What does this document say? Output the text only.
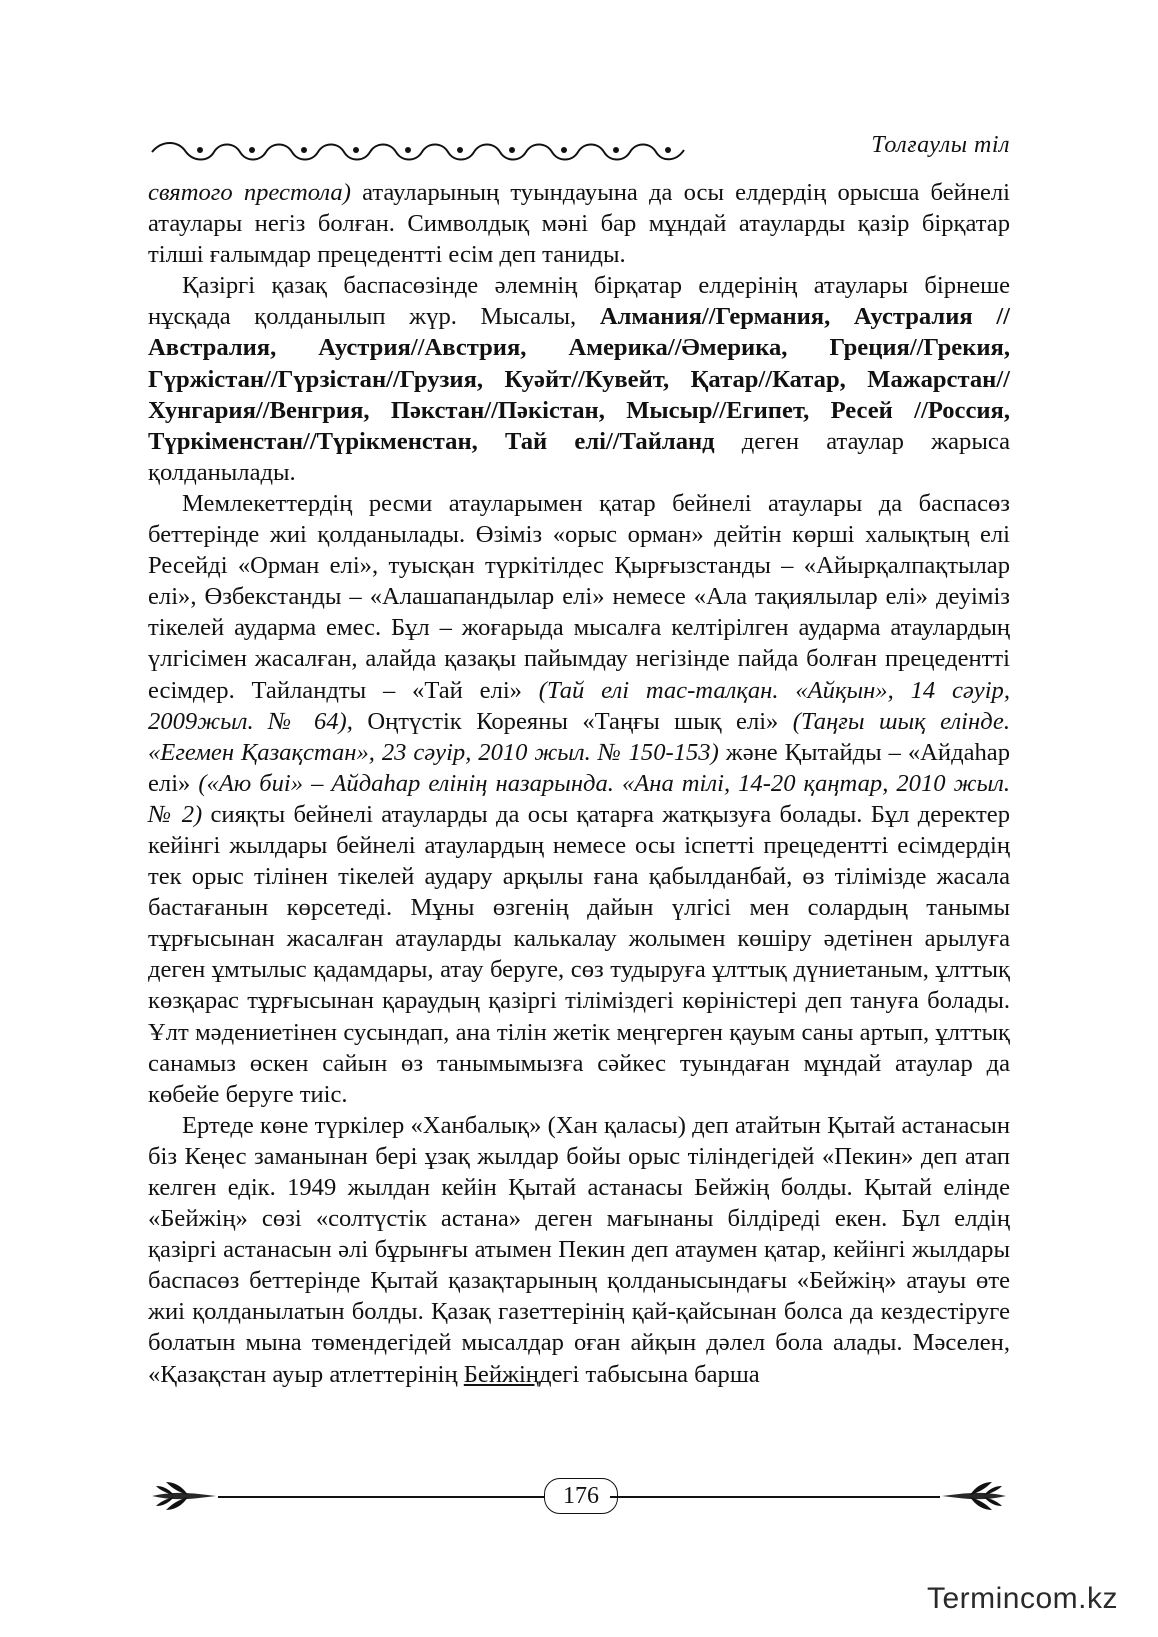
Толғаулы тіл

святого престола) атауларының туындауына да осы елдердің орысша бейнелі атаулары негіз болған. Символдық мәні бар мұндай атауларды қазір бірқатар тілші ғалымдар прецедентті есім деп таниды.

Қазіргі қазақ баспасөзінде әлемнің бірқатар елдерінің атаулары бірнеше нұсқада қолданылып жүр. Мысалы, Алмания//Германия, Аустралия //Австралия, Аустрия//Австрия, Америка//Әмерика, Греция//Грекия, Гүржістан//Гүрзістан//Грузия, Куәйт//Кувейт, Қатар//Катар, Мажарстан//Хунгария//Венгрия, Пәкстан//Пәкістан, Мысыр//Египет, Ресей //Россия, Түркіменстан//Түрікменстан, Тай елі//Тайланд деген атаулар жарыса қолданылады.

Мемлекеттердің ресми атауларымен қатар бейнелі атаулары да баспасөз беттерінде жиі қолданылады. Өзіміз «орыс орман» дейтін көрші халықтың елі Ресейді «Орман елі», туысқан түркітілдес Қырғызстанды – «Айырқалпақтылар елі», Өзбекстанды – «Алашапандылар елі» немесе «Ала тақиялылар елі» деуіміз тікелей аударма емес. Бұл – жоғарыда мысалға келтірілген аударма атаулардың үлгісімен жасалған, алайда қазақы пайымдау негізінде пайда болған прецедентті есімдер. Тайландты – «Тай елі» (Тай елі тас-талқан. «Айқын», 14 сәуір, 2009жыл. № 64), Оңтүстік Кореяны «Таңғы шық елі» (Таңғы шық елінде. «Егемен Қазақстан», 23 сәуір, 2010 жыл. № 150-153) және Қытайды – «Айдаһар елі» («Аю биі» – Айдаһар елінің назарында. «Ана тілі, 14-20 қаңтар, 2010 жыл. № 2) сияқты бейнелі атауларды да осы қатарға жатқызуға болады. Бұл деректер кейінгі жылдары бейнелі атаулардың немесе осы іспетті прецедентті есімдердің тек орыс тілінен тікелей аудару арқылы ғана қабылданбай, өз тілімізде жасала бастағанын көрсетеді. Мұны өзгенің дайын үлгісі мен солардың танымы тұрғысынан жасалған атауларды калькалау жолымен көшіру әдетінен арылуға деген ұмтылыс қадамдары, атау беруге, сөз тудыруға ұлттық дүниетаным, ұлттық көзқарас тұрғысынан қараудың қазіргі тіліміздегі көріністері деп тануға болады. Ұлт мәдениетінен сусындап, ана тілін жетік меңгерген қауым саны артып, ұлттық санамыз өскен сайын өз танымымызға сәйкес туындаған мұндай атаулар да көбейе беруге тиіс.

Ертеде көне түркілер «Ханбалық» (Хан қаласы) деп атайтын Қытай астанасын біз Кеңес заманынан бері ұзақ жылдар бойы орыс тіліндегідей «Пекин» деп атап келген едік. 1949 жылдан кейін Қытай астанасы Бейжің болды. Қытай елінде «Бейжің» сөзі «солтүстік астана» деген мағынаны білдіреді екен. Бұл елдің қазіргі астанасын әлі бұрынғы атымен Пекин деп атаумен қатар, кейінгі жылдары баспасөз беттерінде Қытай қазақтарының қолданысындағы «Бейжің» атауы өте жиі қолданылатын болды. Қазақ газеттерінің қай-қайсынан болса да кездестіруге болатын мына төмендегідей мысалдар оған айқын дәлел бола алады. Мәселен, «Қазақстан ауыр атлеттерінің Бейжіңдегі табысына барша

176
Termincom.kz
